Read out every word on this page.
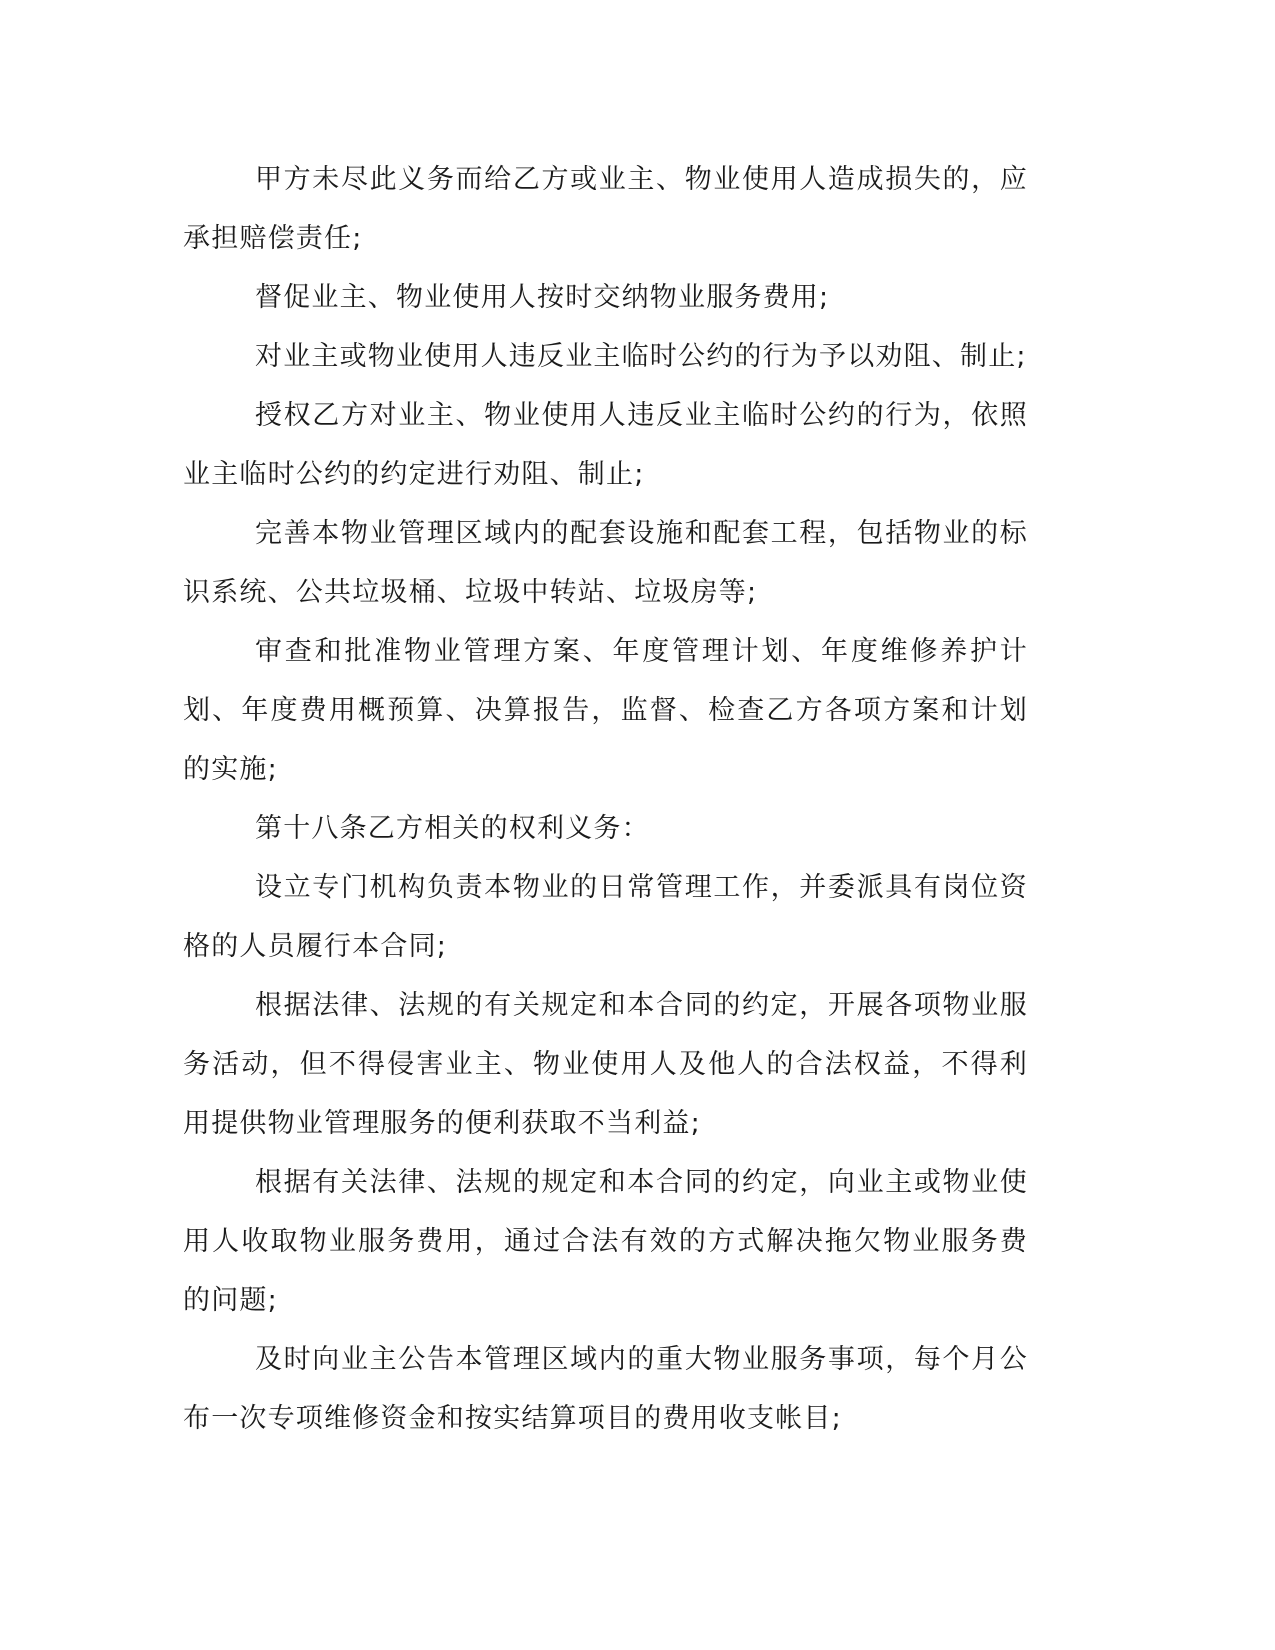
甲方未尽此义务而给乙方或业主、物业使用人造成损失的，应承担赔偿责任;

督促业主、物业使用人按时交纳物业服务费用;

对业主或物业使用人违反业主临时公约的行为予以劝阻、制止;

授权乙方对业主、物业使用人违反业主临时公约的行为，依照业主临时公约的约定进行劝阻、制止;

完善本物业管理区域内的配套设施和配套工程，包括物业的标识系统、公共垃圾桶、垃圾中转站、垃圾房等;

审查和批准物业管理方案、年度管理计划、年度维修养护计划、年度费用概预算、决算报告，监督、检查乙方各项方案和计划的实施;

第十八条乙方相关的权利义务：

设立专门机构负责本物业的日常管理工作，并委派具有岗位资格的人员履行本合同;

根据法律、法规的有关规定和本合同的约定，开展各项物业服务活动，但不得侵害业主、物业使用人及他人的合法权益，不得利用提供物业管理服务的便利获取不当利益;

根据有关法律、法规的规定和本合同的约定，向业主或物业使用人收取物业服务费用，通过合法有效的方式解决拖欠物业服务费的问题;

及时向业主公告本管理区域内的重大物业服务事项，每个月公布一次专项维修资金和按实结算项目的费用收支帐目;
